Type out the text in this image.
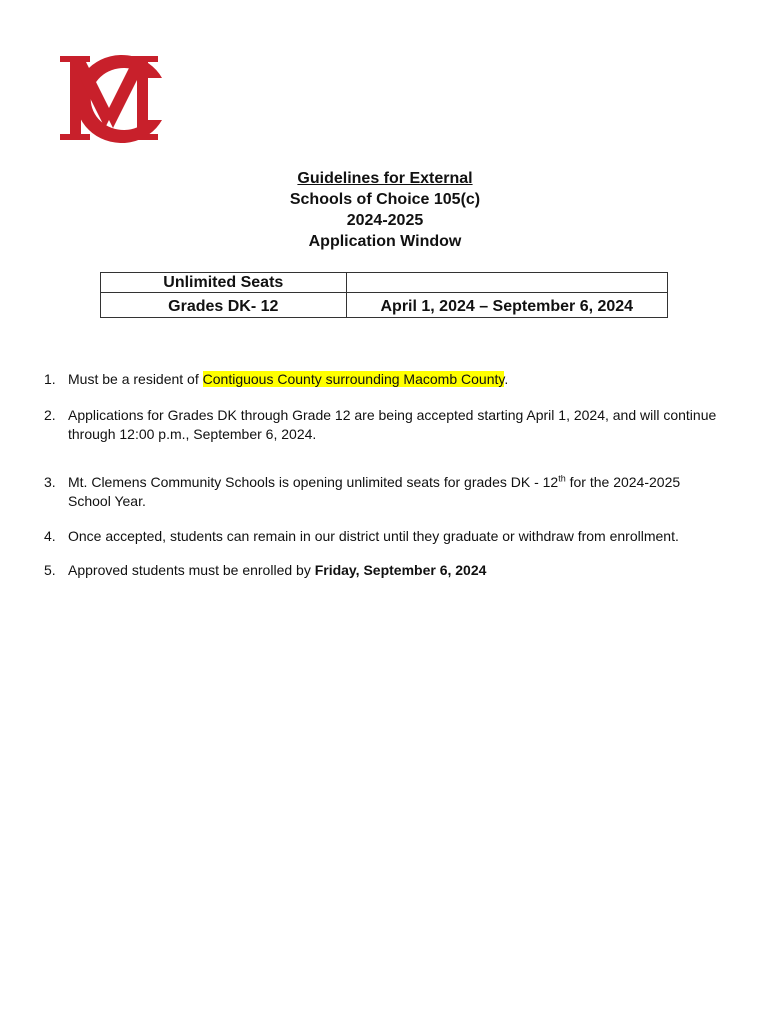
Guidelines for External
Schools of Choice 105(c)
2024-2025
Application Window
Unlimited Seats	
Grades DK- 12	April 1, 2024 – September 6, 2024
1. Must be a resident of Contiguous County surrounding Macomb County.
2. Applications for Grades DK through Grade 12 are being accepted starting April 1, 2024, and will continue through 12:00 p.m., September 6, 2024.
3. Mt. Clemens Community Schools is opening unlimited seats for grades DK - 12th for the 2024-2025 School Year.
4. Once accepted, students can remain in our district until they graduate or withdraw from enrollment.
5. Approved students must be enrolled by Friday, September 6, 2024
